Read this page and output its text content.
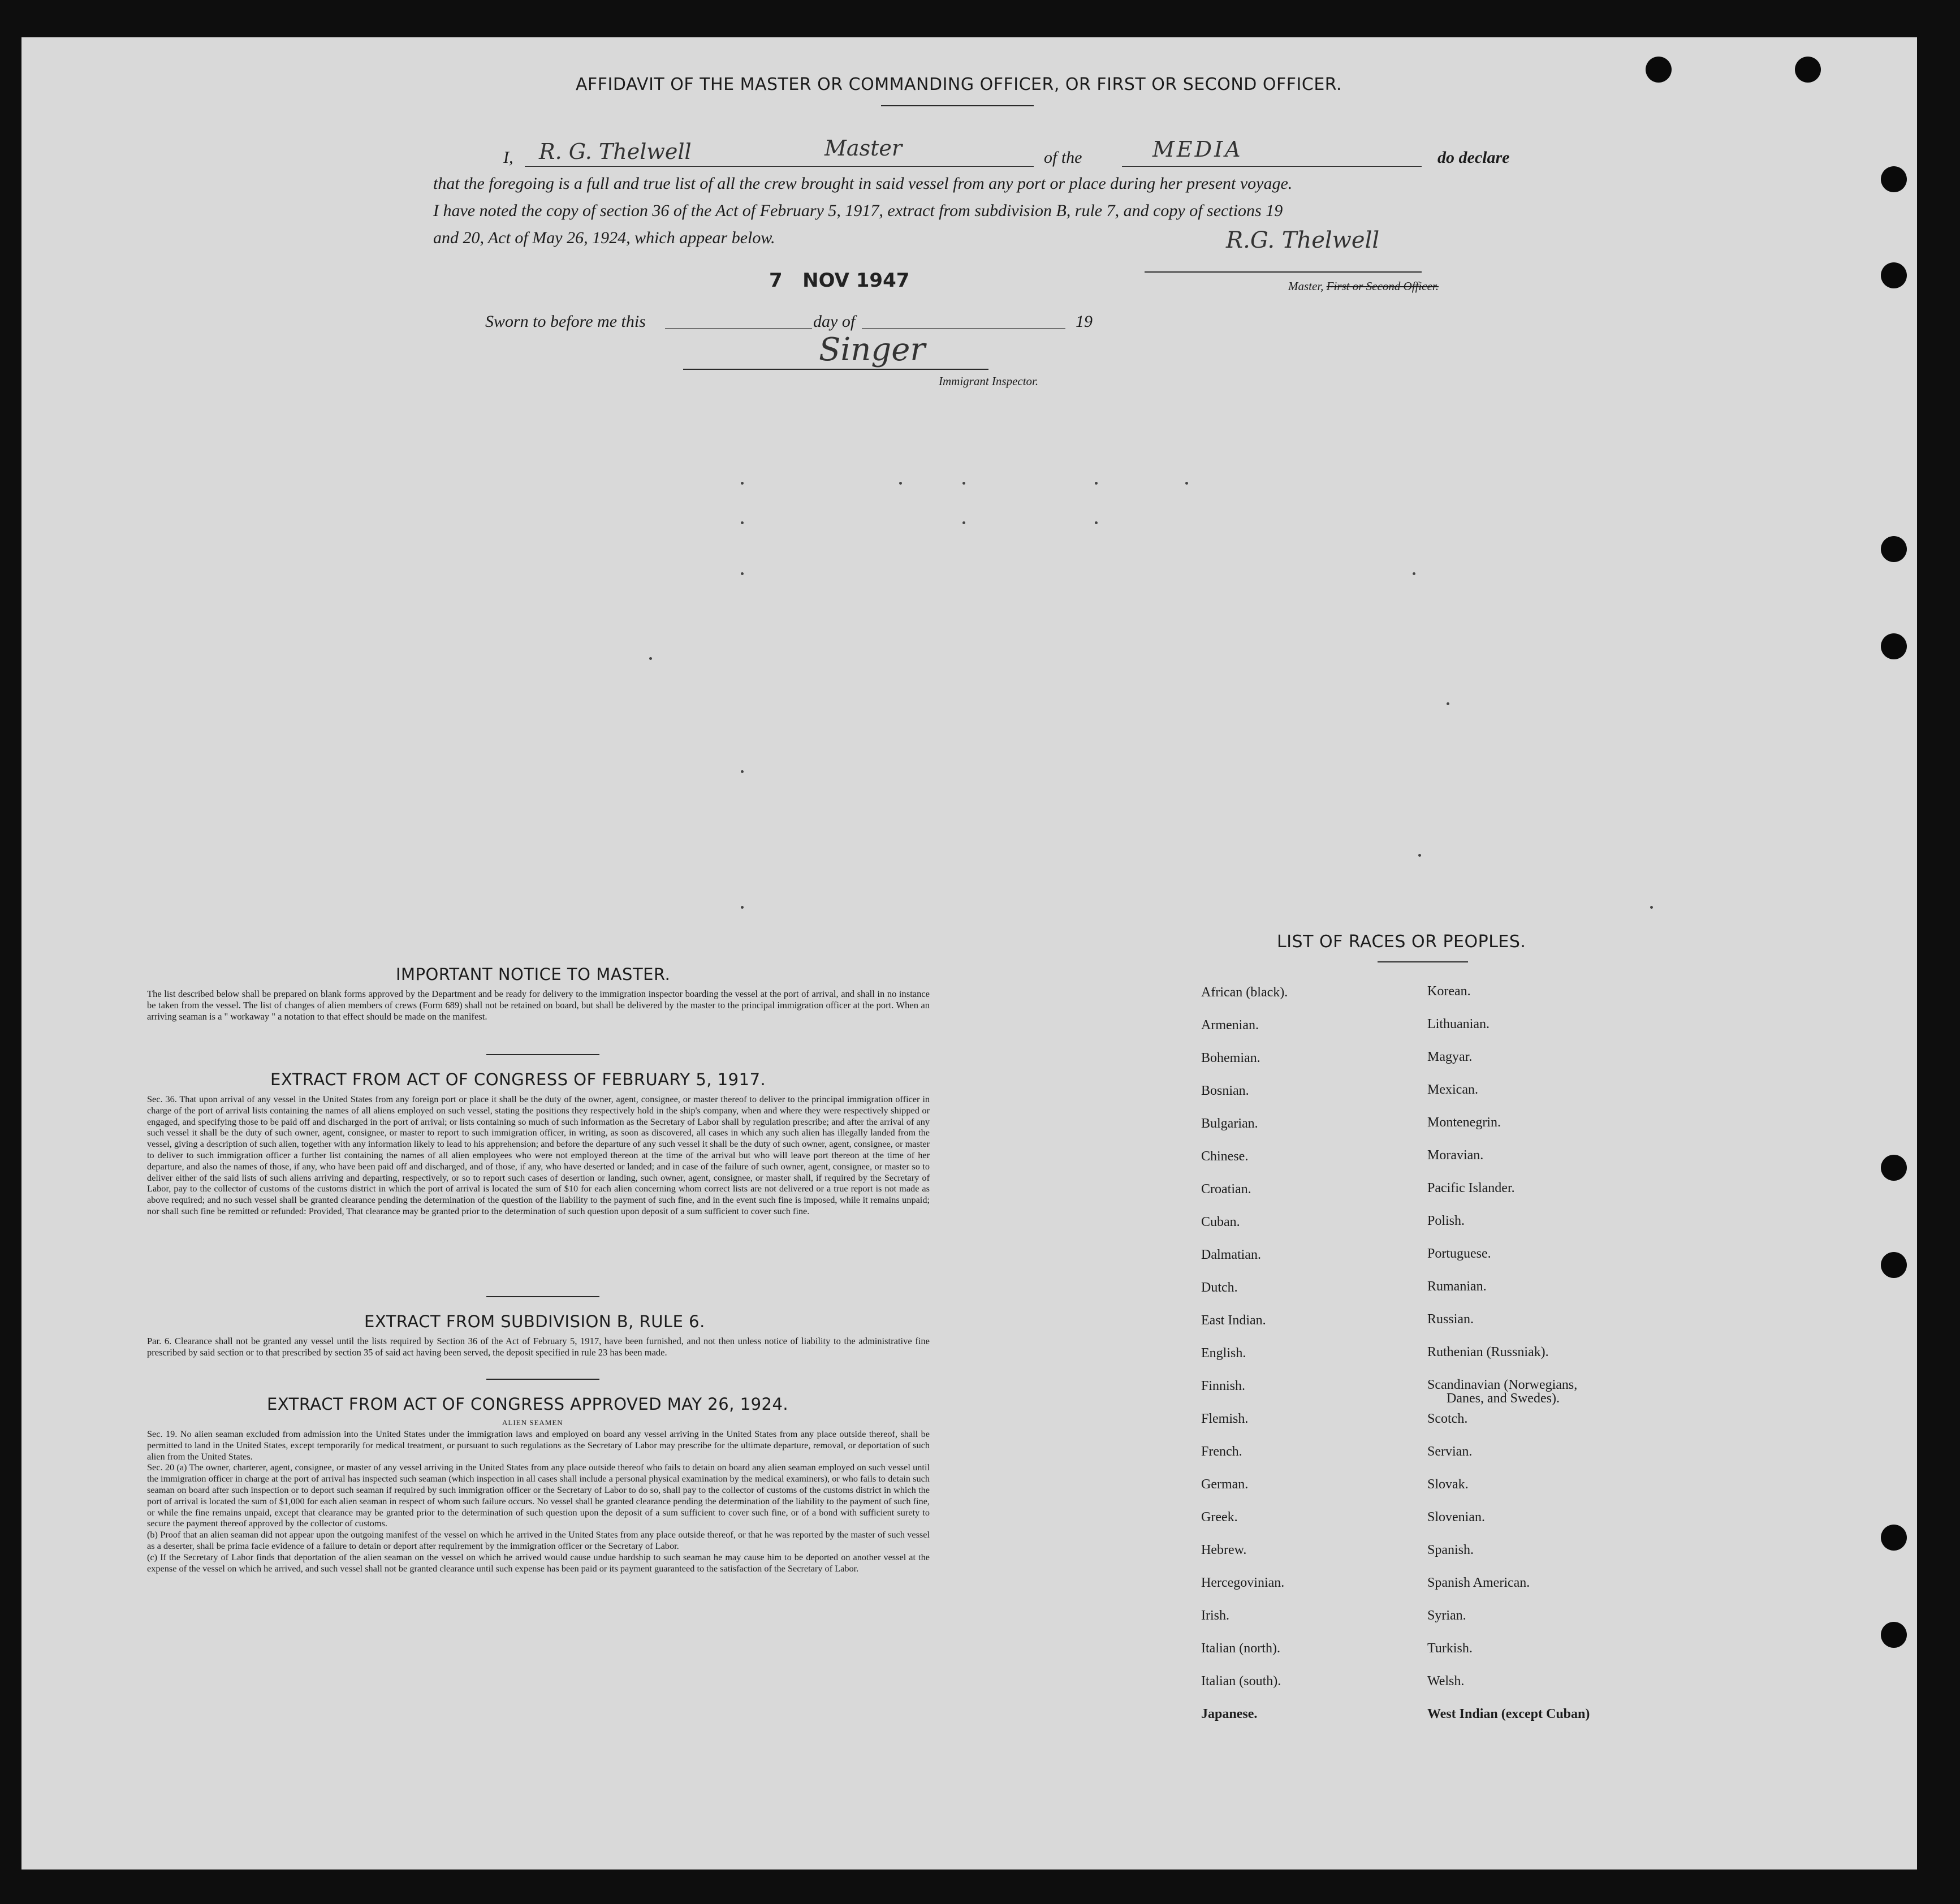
AFFIDAVIT OF THE MASTER OR COMMANDING OFFICER, OR FIRST OR SECOND OFFICER.
I, R. G. Thelwell	Master	of the	MEDIA	do declare
that the foregoing is a full and true list of all the crew brought in said vessel from any port or place during her present voyage.
I have noted the copy of section 36 of the Act of February 5, 1917, extract from subdivision B, rule 7, and copy of sections 19
and 20, Act of May 26, 1924, which appear below.	R.G. Thelwell
Master, First or Second Officer.
7   NOV 1947
Sworn to before me this	day of	19
Singer
Immigrant Inspector.
IMPORTANT NOTICE TO MASTER.
The list described below shall be prepared on blank forms approved by the Department and be ready for delivery to the immigration inspector boarding the vessel at the port of arrival, and shall in no instance be taken from the vessel. The list of changes of alien members of crews (Form 689) shall not be retained on board, but shall be delivered by the master to the principal immigration officer at the port. When an arriving seaman is a " workaway " a notation to that effect should be made on the manifest.
EXTRACT FROM ACT OF CONGRESS OF FEBRUARY 5, 1917.
Sec. 36. That upon arrival of any vessel in the United States from any foreign port or place it shall be the duty of the owner, agent, consignee, or master thereof to deliver to the principal immigration officer in charge of the port of arrival lists containing the names of all aliens employed on such vessel, stating the positions they respectively hold in the ship's company, when and where they were respectively shipped or engaged, and specifying those to be paid off and discharged in the port of arrival; or lists containing so much of such information as the Secretary of Labor shall by regulation prescribe; and after the arrival of any such vessel it shall be the duty of such owner, agent, consignee, or master to report to such immigration officer, in writing, as soon as discovered, all cases in which any such alien has illegally landed from the vessel, giving a description of such alien, together with any information likely to lead to his apprehension; and before the departure of any such vessel it shall be the duty of such owner, agent, consignee, or master to deliver to such immigration officer a further list containing the names of all alien employees who were not employed thereon at the time of the arrival but who will leave port thereon at the time of her departure, and also the names of those, if any, who have been paid off and discharged, and of those, if any, who have deserted or landed; and in case of the failure of such owner, agent, consignee, or master so to deliver either of the said lists of such aliens arriving and departing, respectively, or so to report such cases of desertion or landing, such owner, agent, consignee, or master shall, if required by the Secretary of Labor, pay to the collector of customs of the customs district in which the port of arrival is located the sum of $10 for each alien concerning whom correct lists are not delivered or a true report is not made as above required; and no such vessel shall be granted clearance pending the determination of the question of the liability to the payment of such fine, and in the event such fine is imposed, while it remains unpaid; nor shall such fine be remitted or refunded: Provided, That clearance may be granted prior to the determination of such question upon deposit of a sum sufficient to cover such fine.
EXTRACT FROM SUBDIVISION B, RULE 6.
Par. 6. Clearance shall not be granted any vessel until the lists required by Section 36 of the Act of February 5, 1917, have been furnished, and not then unless notice of liability to the administrative fine prescribed by said section or to that prescribed by section 35 of said act having been served, the deposit specified in rule 23 has been made.
EXTRACT FROM ACT OF CONGRESS APPROVED MAY 26, 1924.
ALIEN SEAMEN
Sec. 19. No alien seaman excluded from admission into the United States under the immigration laws and employed on board any vessel arriving in the United States from any place outside thereof, shall be permitted to land in the United States, except temporarily for medical treatment, or pursuant to such regulations as the Secretary of Labor may prescribe for the ultimate departure, removal, or deportation of such alien from the United States.
Sec. 20 (a) The owner, charterer, agent, consignee, or master of any vessel arriving in the United States from any place outside thereof who fails to detain on board any alien seaman employed on such vessel until the immigration officer in charge at the port of arrival has inspected such seaman (which inspection in all cases shall include a personal physical examination by the medical examiners), or who fails to detain such seaman on board after such inspection or to deport such seaman if required by such immigration officer or the Secretary of Labor to do so, shall pay to the collector of customs of the customs district in which the port of arrival is located the sum of $1,000 for each alien seaman in respect of whom such failure occurs. No vessel shall be granted clearance pending the determination of the liability to the payment of such fine, or while the fine remains unpaid, except that clearance may be granted prior to the determination of such question upon the deposit of a sum sufficient to cover such fine, or of a bond with sufficient surety to secure the payment thereof approved by the collector of customs.
(b) Proof that an alien seaman did not appear upon the outgoing manifest of the vessel on which he arrived in the United States from any place outside thereof, or that he was reported by the master of such vessel as a deserter, shall be prima facie evidence of a failure to detain or deport after requirement by the immigration officer or the Secretary of Labor.
(c) If the Secretary of Labor finds that deportation of the alien seaman on the vessel on which he arrived would cause undue hardship to such seaman he may cause him to be deported on another vessel at the expense of the vessel on which he arrived, and such vessel shall not be granted clearance until such expense has been paid or its payment guaranteed to the satisfaction of the Secretary of Labor.
LIST OF RACES OR PEOPLES.
African (black).
Armenian.
Bohemian.
Bosnian.
Bulgarian.
Chinese.
Croatian.
Cuban.
Dalmatian.
Dutch.
East Indian.
English.
Finnish.
Flemish.
French.
German.
Greek.
Hebrew.
Hercegovinian.
Irish.
Italian (north).
Italian (south).
Japanese.
Korean.
Lithuanian.
Magyar.
Mexican.
Montenegrin.
Moravian.
Pacific Islander.
Polish.
Portuguese.
Rumanian.
Russian.
Ruthenian (Russniak).
Scandinavian (Norwegians,
Danes, and Swedes).
Scotch.
Servian.
Slovak.
Slovenian.
Spanish.
Spanish American.
Syrian.
Turkish.
Welsh.
West Indian (except Cuban)
